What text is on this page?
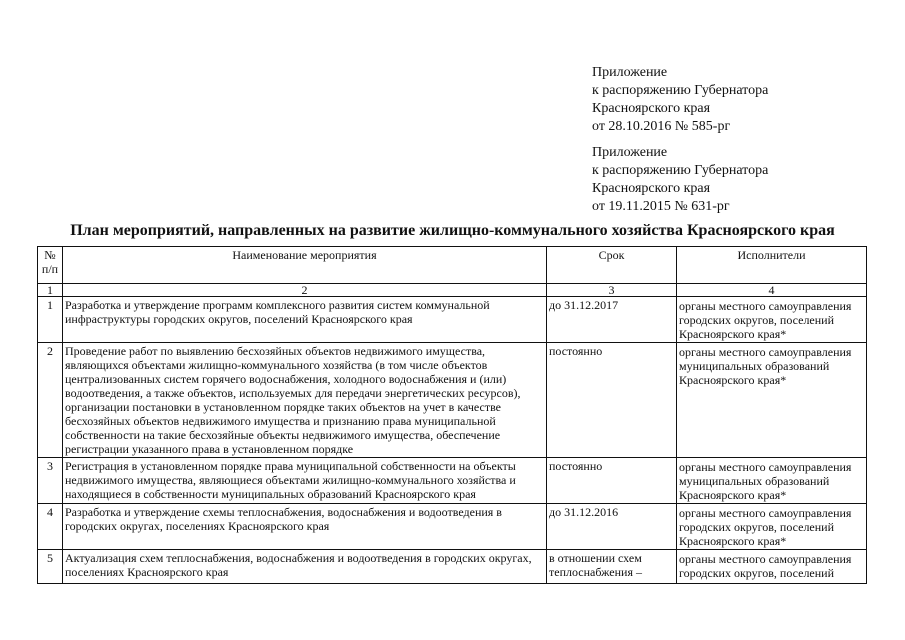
Приложение
к распоряжению Губернатора
Красноярского края
от 28.10.2016 № 585-рг
Приложение
к распоряжению Губернатора
Красноярского края
от 19.11.2015 № 631-рг
План мероприятий, направленных на развитие жилищно-коммунального хозяйства Красноярского края
№ п/п	Наименование мероприятия	Срок	Исполнители
1	2	3	4
1	Разработка и утверждение программ комплексного развития систем коммунальной инфраструктуры городских округов, поселений Красноярского края	до 31.12.2017	органы местного самоуправления городских округов, поселений Красноярского края*
2	Проведение работ по выявлению бесхозяйных объектов недвижимого имущества, являющихся объектами жилищно-коммунального хозяйства (в том числе объектов централизованных систем горячего водоснабжения, холодного водоснабжения и (или) водоотведения, а также объектов, используемых для передачи энергетических ресурсов), организации постановки в установленном порядке таких объектов на учет в качестве бесхозяйных объектов недвижимого имущества и признанию права муниципальной собственности на такие бесхозяйные объекты недвижимого имущества, обеспечение регистрации указанного права в установленном порядке	постоянно	органы местного самоуправления муниципальных образований Красноярского края*
3	Регистрация в установленном порядке права муниципальной собственности на объекты недвижимого имущества, являющиеся объектами жилищно-коммунального хозяйства и находящиеся в собственности муниципальных образований Красноярского края	постоянно	органы местного самоуправления муниципальных образований Красноярского края*
4	Разработка и утверждение схемы теплоснабжения, водоснабжения и водоотведения в городских округах, поселениях Красноярского края	до 31.12.2016	органы местного самоуправления городских округов, поселений Красноярского края*
5	Актуализация схем теплоснабжения, водоснабжения и водоотведения в городских округах, поселениях Красноярского края	в отношении схем теплоснабжения –	органы местного самоуправления городских округов, поселений
